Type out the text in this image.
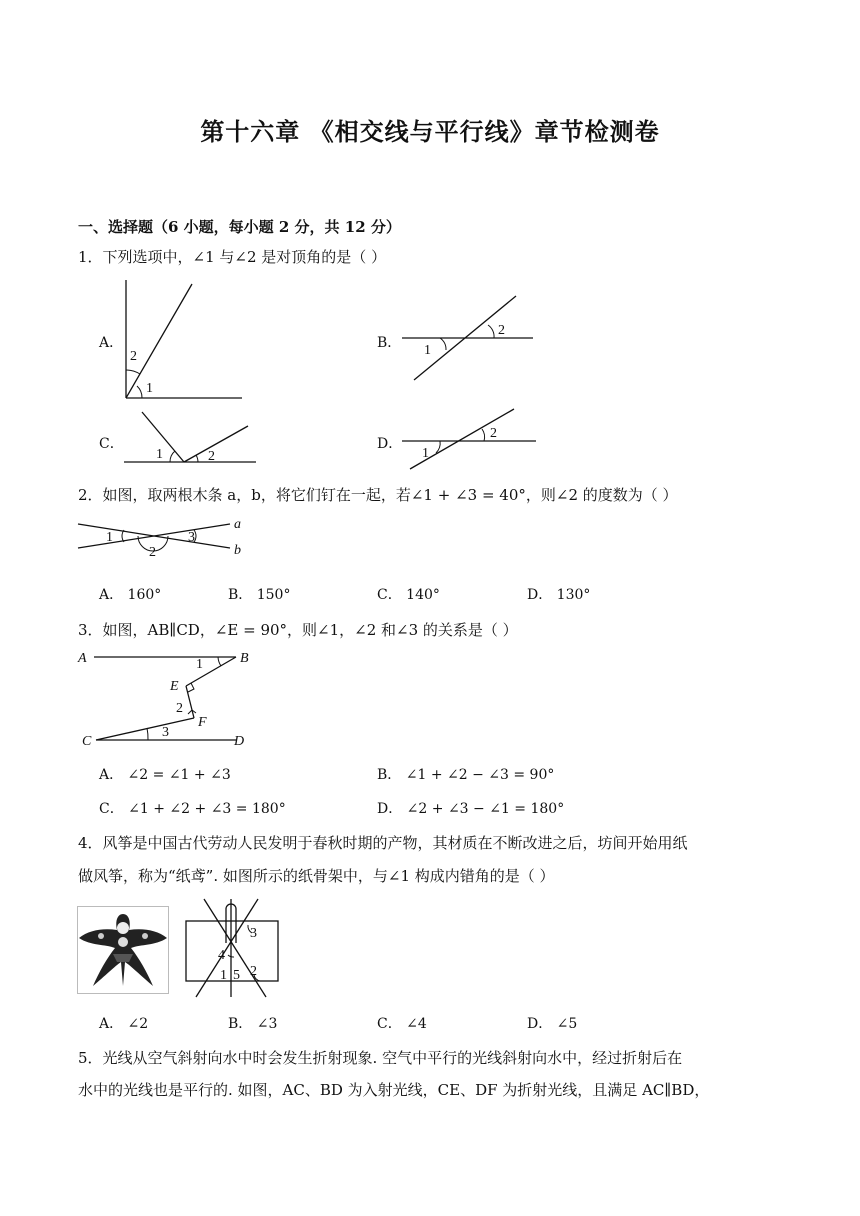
第十六章 《相交线与平行线》章节检测卷
一、选择题（6 小题，每小题 2 分，共 12 分）
1．下列选项中，∠1 与∠2 是对顶角的是（ ）
A．	B．
C．	D．
2
1
1
2
1	2	1
2
2．如图，取两根木条 a，b，将它们钉在一起，若∠1 + ∠3 = 40°，则∠2 的度数为（ ）
a
b
1
2
3
A． 160°	B． 150°	C． 140°	D． 130°
3．如图，AB∥CD，∠E = 90°，则∠1，∠2 和∠3 的关系是（ ）
A	B
C	D
E
F
1
2
3
A． ∠2 = ∠1 + ∠3	B． ∠1 + ∠2 − ∠3 = 90°
C． ∠1 + ∠2 + ∠3 = 180°	D． ∠2 + ∠3 − ∠1 = 180°
4．风筝是中国古代劳动人民发明于春秋时期的产物，其材质在不断改进之后，坊间开始用纸
做风筝，称为“纸鸢”. 如图所示的纸骨架中，与∠1 构成内错角的是（ ）
4
3
1 5 2
A． ∠2	B． ∠3	C． ∠4	D． ∠5
5．光线从空气斜射向水中时会发生折射现象. 空气中平行的光线斜射向水中，经过折射后在
水中的光线也是平行的. 如图，AC、BD 为入射光线，CE、DF 为折射光线，且满足 AC∥BD，
